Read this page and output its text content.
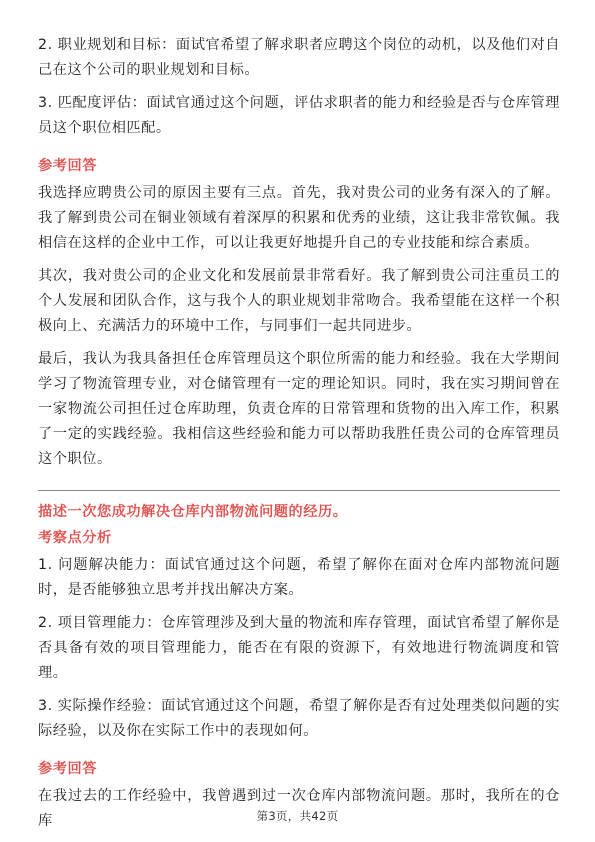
2. 职业规划和目标：面试官希望了解求职者应聘这个岗位的动机，以及他们对自己在这个公司的职业规划和目标。

3. 匹配度评估：面试官通过这个问题，评估求职者的能力和经验是否与仓库管理员这个职位相匹配。

参考回答

我选择应聘贵公司的原因主要有三点。首先，我对贵公司的业务有深入的了解。我了解到贵公司在铜业领域有着深厚的积累和优秀的业绩，这让我非常钦佩。我相信在这样的企业中工作，可以让我更好地提升自己的专业技能和综合素质。

其次，我对贵公司的企业文化和发展前景非常看好。我了解到贵公司注重员工的个人发展和团队合作，这与我个人的职业规划非常吻合。我希望能在这样一个积极向上、充满活力的环境中工作，与同事们一起共同进步。

最后，我认为我具备担任仓库管理员这个职位所需的能力和经验。我在大学期间学习了物流管理专业，对仓储管理有一定的理论知识。同时，我在实习期间曾在一家物流公司担任过仓库助理，负责仓库的日常管理和货物的出入库工作，积累了一定的实践经验。我相信这些经验和能力可以帮助我胜任贵公司的仓库管理员这个职位。

描述一次您成功解决仓库内部物流问题的经历。
考察点分析

1. 问题解决能力：面试官通过这个问题，希望了解你在面对仓库内部物流问题时，是否能够独立思考并找出解决方案。

2. 项目管理能力：仓库管理涉及到大量的物流和库存管理，面试官希望了解你是否具备有效的项目管理能力，能否在有限的资源下，有效地进行物流调度和管理。

3. 实际操作经验：面试官通过这个问题，希望了解你是否有过处理类似问题的实际经验，以及你在实际工作中的表现如何。

参考回答

在我过去的工作经验中，我曾遇到过一次仓库内部物流问题。那时，我所在的仓库	第3页，共42页
